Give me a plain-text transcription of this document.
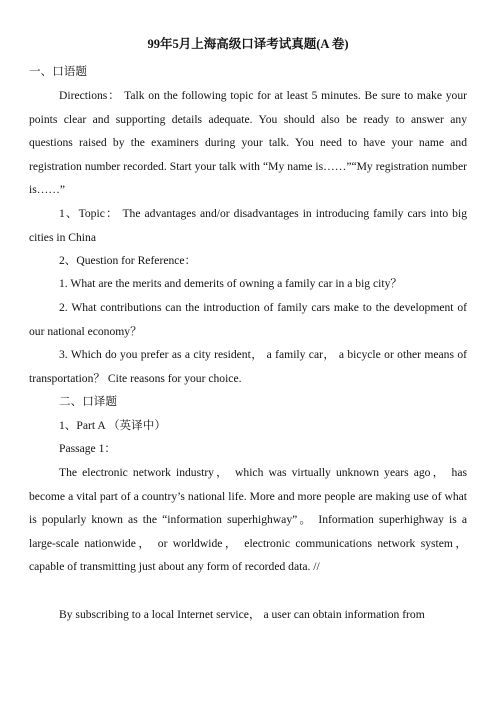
99年5月上海高级口译考试真题(A 卷)
一、口语题

Directions： Talk on the following topic for at least 5 minutes. Be sure to make your points clear and supporting details adequate. You should also be ready to answer any questions raised by the examiners during your talk. You need to have your name and registration number recorded. Start your talk with “My name is……”“My registration number is……”

1、Topic： The advantages and/or disadvantages in introducing family cars into big cities in China

2、Question for Reference：

1. What are the merits and demerits of owning a family car in a big city？

2. What contributions can the introduction of family cars make to the development of our national economy？

3. Which do you prefer as a city resident， a family car， a bicycle or other means of transportation？ Cite reasons for your choice.

二、口译题

1、Part A （英译中）

Passage 1：

The electronic network industry， which was virtually unknown years ago， has become a vital part of a country’s national life. More and more people are making use of what is popularly known as the “information superhighway”。 Information superhighway is a large-scale nationwide， or worldwide， electronic communications network system， capable of transmitting just about any form of recorded data. //

By subscribing to a local Internet service， a user can obtain information from
